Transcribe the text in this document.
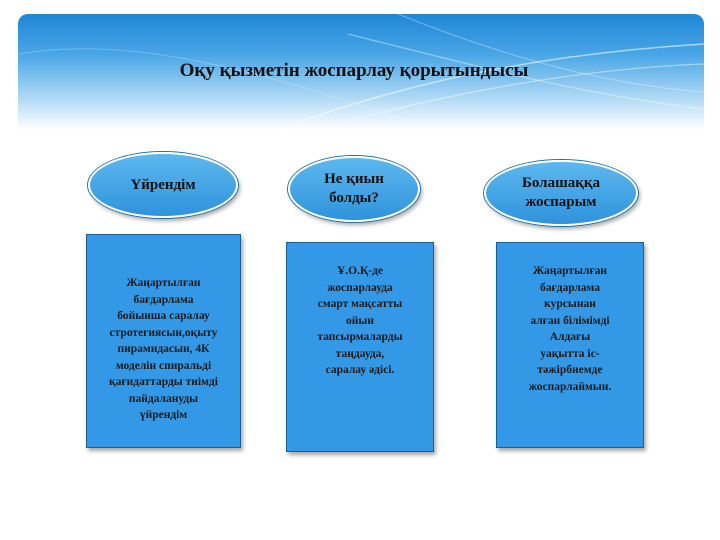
Оқу қызметін жоспарлау қорытындысы
Үйрендім	Не қиын
болды?
Болашаққа
жоспарым
Жаңартылған
бағдарлама
бойынша саралау
стротегиясын,оқыту
пирамидасын, 4К
моделін спиральді
қағидаттарды тиімді
пайдалануды
үйрендім
Ұ.О.Қ-де
жоспарлауда
смарт мақсатты
ойын
тапсырмаларды
таңдауда,
саралау әдісі.
Жаңартылған
бағдарлама
курсынан
алған білімімді
Алдағы
уақытта іс-
тәжірбиемде
жоспарлаймын.
